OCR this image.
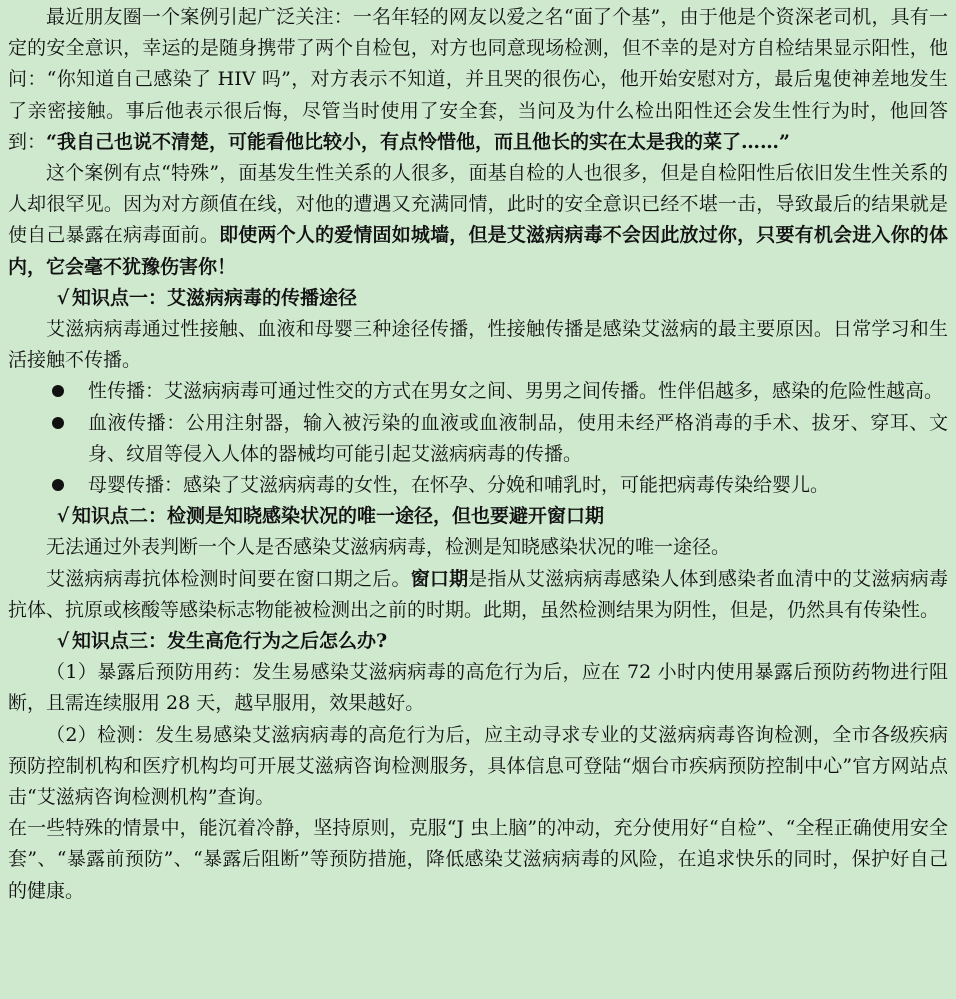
最近朋友圈一个案例引起广泛关注：一名年轻的网友以爱之名“面了个基”，由于他是个资深老司机，具有一定的安全意识，幸运的是随身携带了两个自检包，对方也同意现场检测，但不幸的是对方自检结果显示阳性，他问：“你知道自己感染了 HIV 吗”，对方表示不知道，并且哭的很伤心，他开始安慰对方，最后鬼使神差地发生了亲密接触。事后他表示很后悔，尽管当时使用了安全套，当问及为什么检出阳性还会发生性行为时，他回答到：“我自己也说不清楚，可能看他比较小，有点怜惜他，而且他长的实在太是我的菜了……”

这个案例有点“特殊”，面基发生性关系的人很多，面基自检的人也很多，但是自检阳性后依旧发生性关系的人却很罕见。因为对方颜值在线，对他的遭遇又充满同情，此时的安全意识已经不堪一击，导致最后的结果就是使自己暴露在病毒面前。即使两个人的爱情固如城墙，但是艾滋病病毒不会因此放过你，只要有机会进入你的体内，它会毫不犹豫伤害你！

√ 知识点一：艾滋病病毒的传播途径

艾滋病病毒通过性接触、血液和母婴三种途径传播，性接触传播是感染艾滋病的最主要原因。日常学习和生活接触不传播。

性传播：艾滋病病毒可通过性交的方式在男女之间、男男之间传播。性伴侣越多，感染的危险性越高。

血液传播：公用注射器，输入被污染的血液或血液制品，使用未经严格消毒的手术、拔牙、穿耳、文身、纹眉等侵入人体的器械均可能引起艾滋病病毒的传播。

母婴传播：感染了艾滋病病毒的女性，在怀孕、分娩和哺乳时，可能把病毒传染给婴儿。

√ 知识点二：检测是知晓感染状况的唯一途径，但也要避开窗口期

无法通过外表判断一个人是否感染艾滋病病毒，检测是知晓感染状况的唯一途径。

艾滋病病毒抗体检测时间要在窗口期之后。窗口期是指从艾滋病病毒感染人体到感染者血清中的艾滋病病毒抗体、抗原或核酸等感染标志物能被检测出之前的时期。此期，虽然检测结果为阴性，但是，仍然具有传染性。

√ 知识点三：发生高危行为之后怎么办?

（1）暴露后预防用药：发生易感染艾滋病病毒的高危行为后，应在 72 小时内使用暴露后预防药物进行阻断，且需连续服用 28 天，越早服用，效果越好。

（2）检测：发生易感染艾滋病病毒的高危行为后，应主动寻求专业的艾滋病病毒咨询检测，全市各级疾病预防控制机构和医疗机构均可开展艾滋病咨询检测服务，具体信息可登陆“烟台市疾病预防控制中心”官方网站点击“艾滋病咨询检测机构”查询。

在一些特殊的情景中，能沉着冷静，坚持原则，克服“J 虫上脑”的冲动，充分使用好“自检”、“全程正确使用安全套”、“暴露前预防”、“暴露后阻断”等预防措施，降低感染艾滋病病毒的风险，在追求快乐的同时，保护好自己的健康。
